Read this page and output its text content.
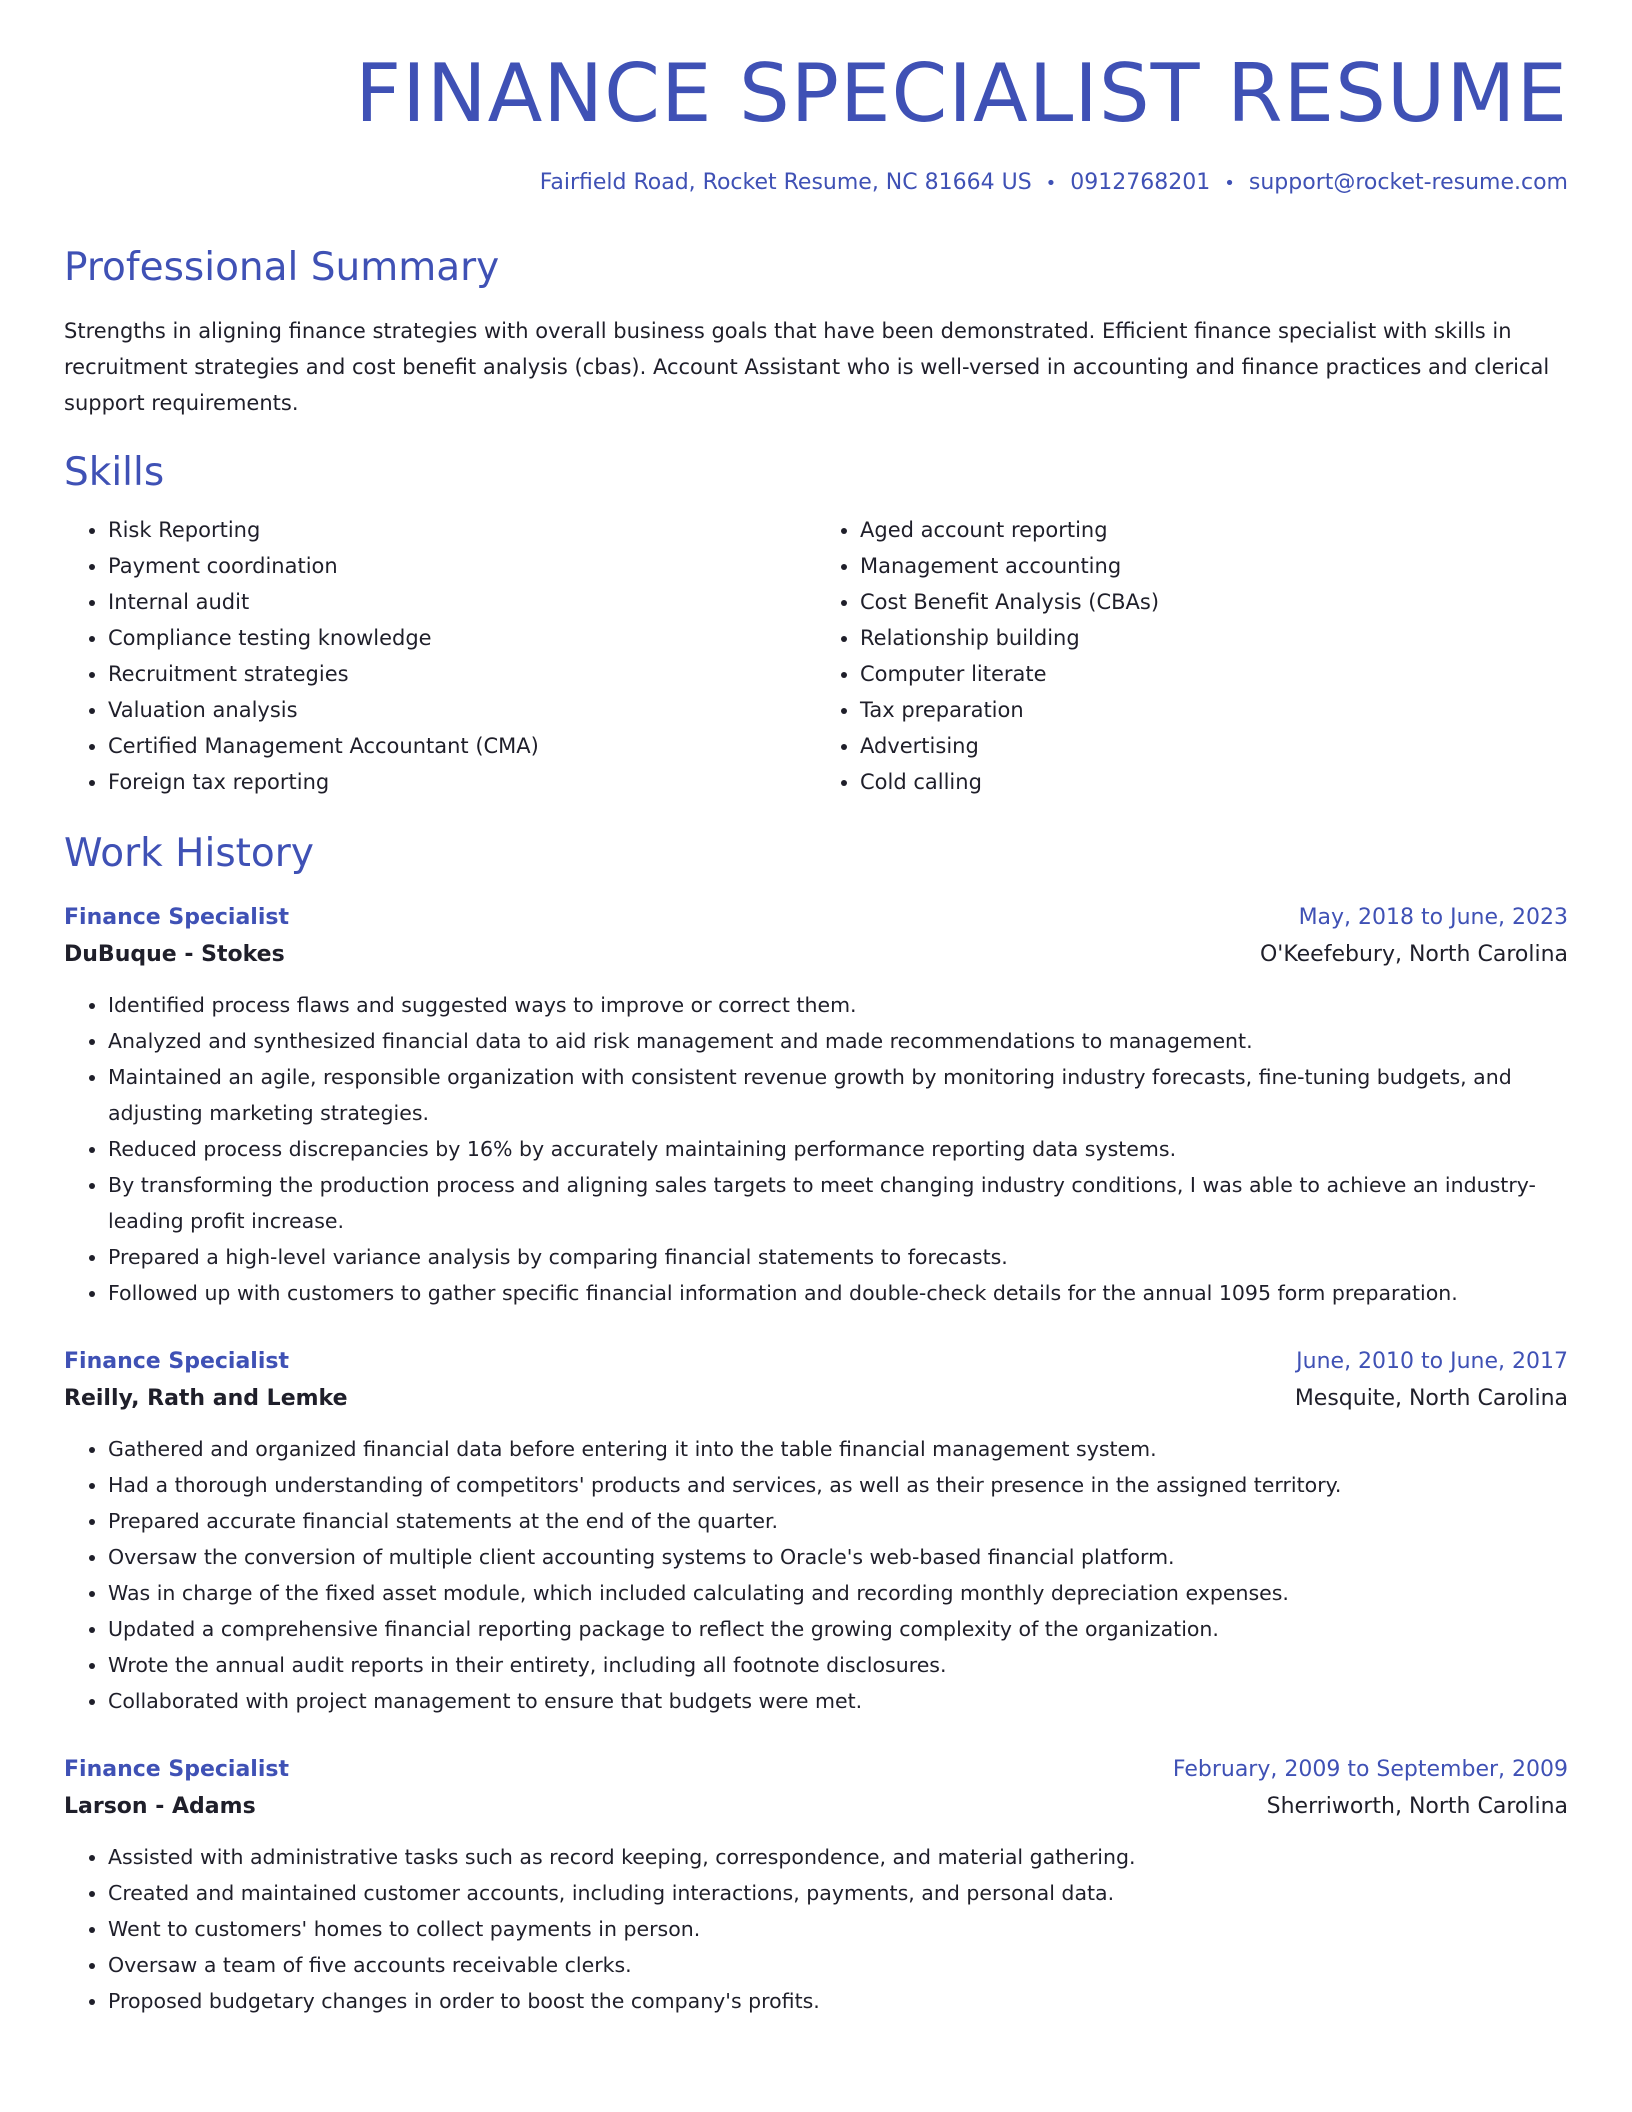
FINANCE SPECIALIST RESUME
Fairfield Road, Rocket Resume, NC 81664 US • 0912768201 • support@rocket-resume.com
Professional Summary
Strengths in aligning finance strategies with overall business goals that have been demonstrated. Efficient finance specialist with skills in recruitment strategies and cost benefit analysis (cbas). Account Assistant who is well-versed in accounting and finance practices and clerical support requirements.
Skills
• Risk Reporting
• Payment coordination
• Internal audit
• Compliance testing knowledge
• Recruitment strategies
• Valuation analysis
• Certified Management Accountant (CMA)
• Foreign tax reporting
• Aged account reporting
• Management accounting
• Cost Benefit Analysis (CBAs)
• Relationship building
• Computer literate
• Tax preparation
• Advertising
• Cold calling
Work History
Finance Specialist	May, 2018 to June, 2023
DuBuque - Stokes	O'Keefebury, North Carolina
• Identified process flaws and suggested ways to improve or correct them.
• Analyzed and synthesized financial data to aid risk management and made recommendations to management.
• Maintained an agile, responsible organization with consistent revenue growth by monitoring industry forecasts, fine-tuning budgets, and adjusting marketing strategies.
• Reduced process discrepancies by 16% by accurately maintaining performance reporting data systems.
• By transforming the production process and aligning sales targets to meet changing industry conditions, I was able to achieve an industry-leading profit increase.
• Prepared a high-level variance analysis by comparing financial statements to forecasts.
• Followed up with customers to gather specific financial information and double-check details for the annual 1095 form preparation.
Finance Specialist	June, 2010 to June, 2017
Reilly, Rath and Lemke	Mesquite, North Carolina
• Gathered and organized financial data before entering it into the table financial management system.
• Had a thorough understanding of competitors' products and services, as well as their presence in the assigned territory.
• Prepared accurate financial statements at the end of the quarter.
• Oversaw the conversion of multiple client accounting systems to Oracle's web-based financial platform.
• Was in charge of the fixed asset module, which included calculating and recording monthly depreciation expenses.
• Updated a comprehensive financial reporting package to reflect the growing complexity of the organization.
• Wrote the annual audit reports in their entirety, including all footnote disclosures.
• Collaborated with project management to ensure that budgets were met.
Finance Specialist	February, 2009 to September, 2009
Larson - Adams	Sherriworth, North Carolina
• Assisted with administrative tasks such as record keeping, correspondence, and material gathering.
• Created and maintained customer accounts, including interactions, payments, and personal data.
• Went to customers' homes to collect payments in person.
• Oversaw a team of five accounts receivable clerks.
• Proposed budgetary changes in order to boost the company's profits.
